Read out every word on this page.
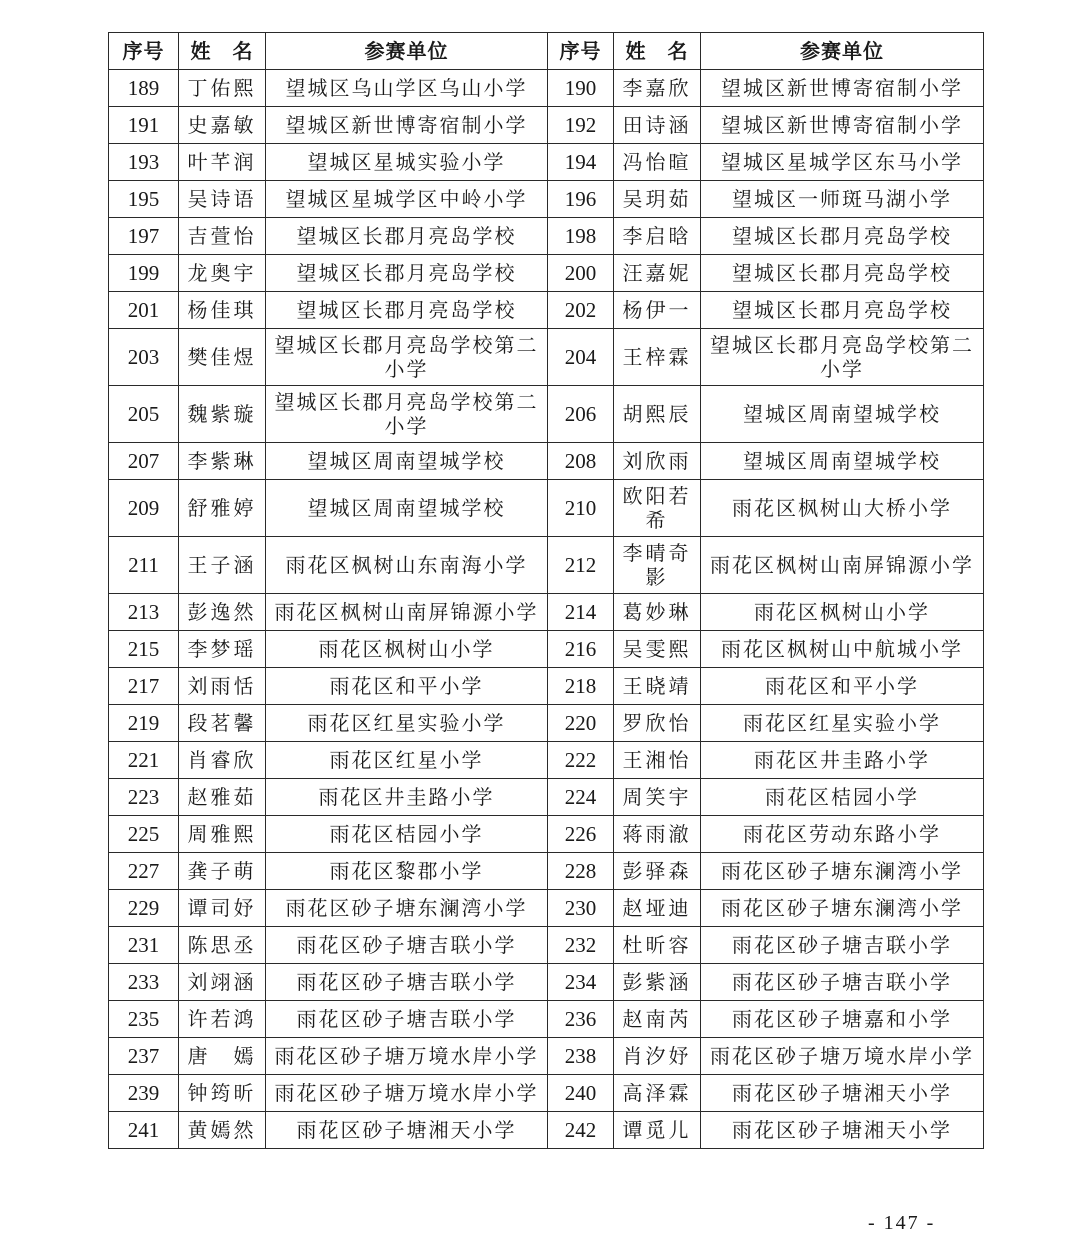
序号	姓　名	参赛单位	序号	姓　名	参赛单位
189	丁佑熙	望城区乌山学区乌山小学	190	李嘉欣	望城区新世博寄宿制小学
191	史嘉敏	望城区新世博寄宿制小学	192	田诗涵	望城区新世博寄宿制小学
193	叶芊润	望城区星城实验小学	194	冯怡暄	望城区星城学区东马小学
195	吴诗语	望城区星城学区中岭小学	196	吴玥茹	望城区一师斑马湖小学
197	吉萱怡	望城区长郡月亮岛学校	198	李启晗	望城区长郡月亮岛学校
199	龙奥宇	望城区长郡月亮岛学校	200	汪嘉妮	望城区长郡月亮岛学校
201	杨佳琪	望城区长郡月亮岛学校	202	杨伊一	望城区长郡月亮岛学校
203	樊佳煜	望城区长郡月亮岛学校第二小学	204	王梓霖	望城区长郡月亮岛学校第二小学
205	魏紫璇	望城区长郡月亮岛学校第二小学	206	胡熙辰	望城区周南望城学校
207	李紫琳	望城区周南望城学校	208	刘欣雨	望城区周南望城学校
209	舒雅婷	望城区周南望城学校	210	欧阳若希	雨花区枫树山大桥小学
211	王子涵	雨花区枫树山东南海小学	212	李晴奇影	雨花区枫树山南屏锦源小学
213	彭逸然	雨花区枫树山南屏锦源小学	214	葛妙琳	雨花区枫树山小学
215	李梦瑶	雨花区枫树山小学	216	吴雯熙	雨花区枫树山中航城小学
217	刘雨恬	雨花区和平小学	218	王晓靖	雨花区和平小学
219	段茗馨	雨花区红星实验小学	220	罗欣怡	雨花区红星实验小学
221	肖睿欣	雨花区红星小学	222	王湘怡	雨花区井圭路小学
223	赵雅茹	雨花区井圭路小学	224	周笑宇	雨花区桔园小学
225	周雅熙	雨花区桔园小学	226	蒋雨澈	雨花区劳动东路小学
227	龚子萌	雨花区黎郡小学	228	彭驿森	雨花区砂子塘东澜湾小学
229	谭司妤	雨花区砂子塘东澜湾小学	230	赵垭迪	雨花区砂子塘东澜湾小学
231	陈思丞	雨花区砂子塘吉联小学	232	杜昕容	雨花区砂子塘吉联小学
233	刘翊涵	雨花区砂子塘吉联小学	234	彭紫涵	雨花区砂子塘吉联小学
235	许若鸿	雨花区砂子塘吉联小学	236	赵南芮	雨花区砂子塘嘉和小学
237	唐　嫣	雨花区砂子塘万境水岸小学	238	肖汐妤	雨花区砂子塘万境水岸小学
239	钟筠昕	雨花区砂子塘万境水岸小学	240	高泽霖	雨花区砂子塘湘天小学
241	黄嫣然	雨花区砂子塘湘天小学	242	谭觅儿	雨花区砂子塘湘天小学
- 147 -
